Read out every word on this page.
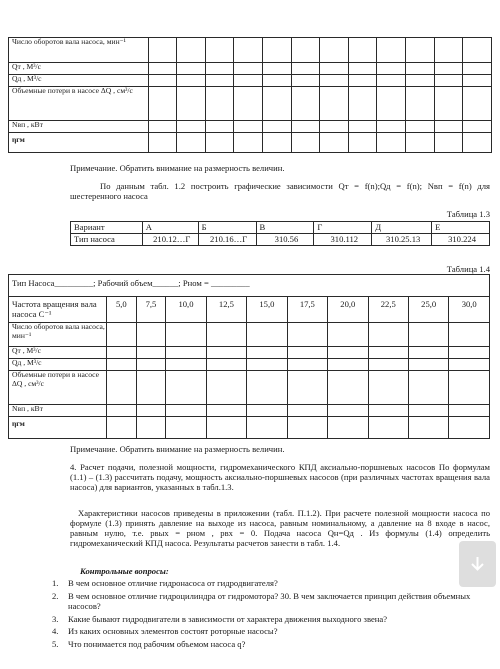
Число оборотов вала насоса, мин⁻¹												
Qт , М³/с												
Qд , М³/с												
Объемные потери в насосе ΔQ , см³/с												
Nвп , кВт												
ηгм												
Примечание. Обратить внимание на размерность величин.
По данным табл. 1.2 построить графические зависимости Qт = f(n);Qд = f(n); Nвп = f(n) для шестеренного насоса
Таблица 1.3
Вариант	А	Б	В	Г	Д	Е
Тип насоса	210.12…Г	210.16…Г	310.56	310.112	310.25.13	310.224
Таблица 1.4
Тип Насоса_________; Рабочий объем______; Рном = _________										
Частота вращения вала насоса С⁻¹	5,0	7,5	10,0	12,5	15,0	17,5	20,0	22,5	25,0	30,0
Число оборотов вала насоса, мин⁻¹										
Qт , М³/с										
Qд , М³/с										
Объемные потери в насосе ΔQ , см³/с										
Nвп , кВт										
ηгм										
Примечание. Обратить внимание на размерность величин.
4. Расчет подачи, полезной мощности, гидромеханического КПД аксиально-поршневых насосов По формулам (1.1) – (1.3) рассчитать подачу, мощность аксиально-поршневых насосов (при различных частотах вращения вала насоса) для вариантов, указанных в табл.1.3.
Характеристики насосов приведены в приложении (табл. П.1.2). При расчете полезной мощности насоса по формуле (1.3) принять давление на выходе из насоса, равным номинальному, а давление на 8 входе в насос, равным нулю, т.е. рвых = рном , рвх = 0. Подача насоса Qн=Qд . Из формулы (1.4) определить гидромеханический КПД насоса. Результаты расчетов занести в табл. 1.4.
Контрольные вопросы:
1.	В чем основное отличие гидронасоса от гидродвигателя?
2.	В чем основное отличие гидроцилиндра от гидромотора? 30. В чем заключается принцип действия объемных насосов?
3.	Какие бывают гидродвигатели в зависимости от характера движения выходного звена?
4.	Из каких основных элементов состоят роторные насосы?
5.	Что понимается под рабочим объемом насоса q?
